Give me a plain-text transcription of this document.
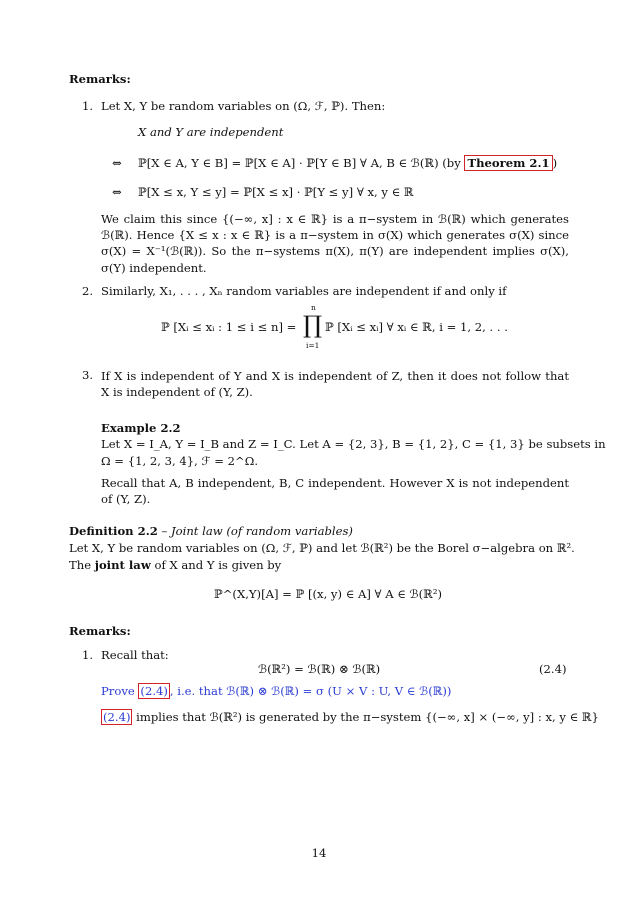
Remarks:
1. Let X, Y be random variables on (Ω, ℱ, ℙ). Then:
X and Y are independent
⇔ ℙ[X ∈ A, Y ∈ B] = ℙ[X ∈ A] · ℙ[Y ∈ B] ∀ A, B ∈ ℬ(ℝ) (by Theorem 2.1 )
⇔ ℙ[X ≤ x, Y ≤ y] = ℙ[X ≤ x] · ℙ[Y ≤ y] ∀ x, y ∈ ℝ
We claim this since {(−∞, x] : x ∈ ℝ} is a π−system in ℬ(ℝ) which generates ℬ(ℝ). Hence {X ≤ x : x ∈ ℝ} is a π−system in σ(X) which generates σ(X) since σ(X) = X⁻¹(ℬ(ℝ)). So the π−systems π(X), π(Y) are independent implies σ(X), σ(Y) independent.
2. Similarly, X₁, . . . , Xₙ random variables are independent if and only if
ℙ [Xᵢ ≤ xᵢ : 1 ≤ i ≤ n] =
n
∏
i=1
ℙ [Xᵢ ≤ xᵢ] ∀ xᵢ ∈ ℝ, i = 1, 2, . . .
3. If X is independent of Y and X is independent of Z, then it does not follow that X is independent of (Y, Z).
Example 2.2
Let X = I_A, Y = I_B and Z = I_C. Let A = {2, 3}, B = {1, 2}, C = {1, 3} be subsets in
Ω = {1, 2, 3, 4}, ℱ = 2^Ω.
Recall that A, B independent, B, C independent. However X is not independent of (Y, Z).
Definition 2.2 – Joint law (of random variables)
Let X, Y be random variables on (Ω, ℱ, ℙ) and let ℬ(ℝ²) be the Borel σ−algebra on ℝ².
The joint law of X and Y is given by
ℙ^(X,Y)[A] = ℙ [(x, y) ∈ A] ∀ A ∈ ℬ(ℝ²)
Remarks:
1. Recall that:
ℬ(ℝ²) = ℬ(ℝ) ⊗ ℬ(ℝ)	(2.4)
Prove (2.4) , i.e. that ℬ(ℝ) ⊗ ℬ(ℝ) = σ (U × V : U, V ∈ ℬ(ℝ))
(2.4) implies that ℬ(ℝ²) is generated by the π−system {(−∞, x] × (−∞, y] : x, y ∈ ℝ}
14
